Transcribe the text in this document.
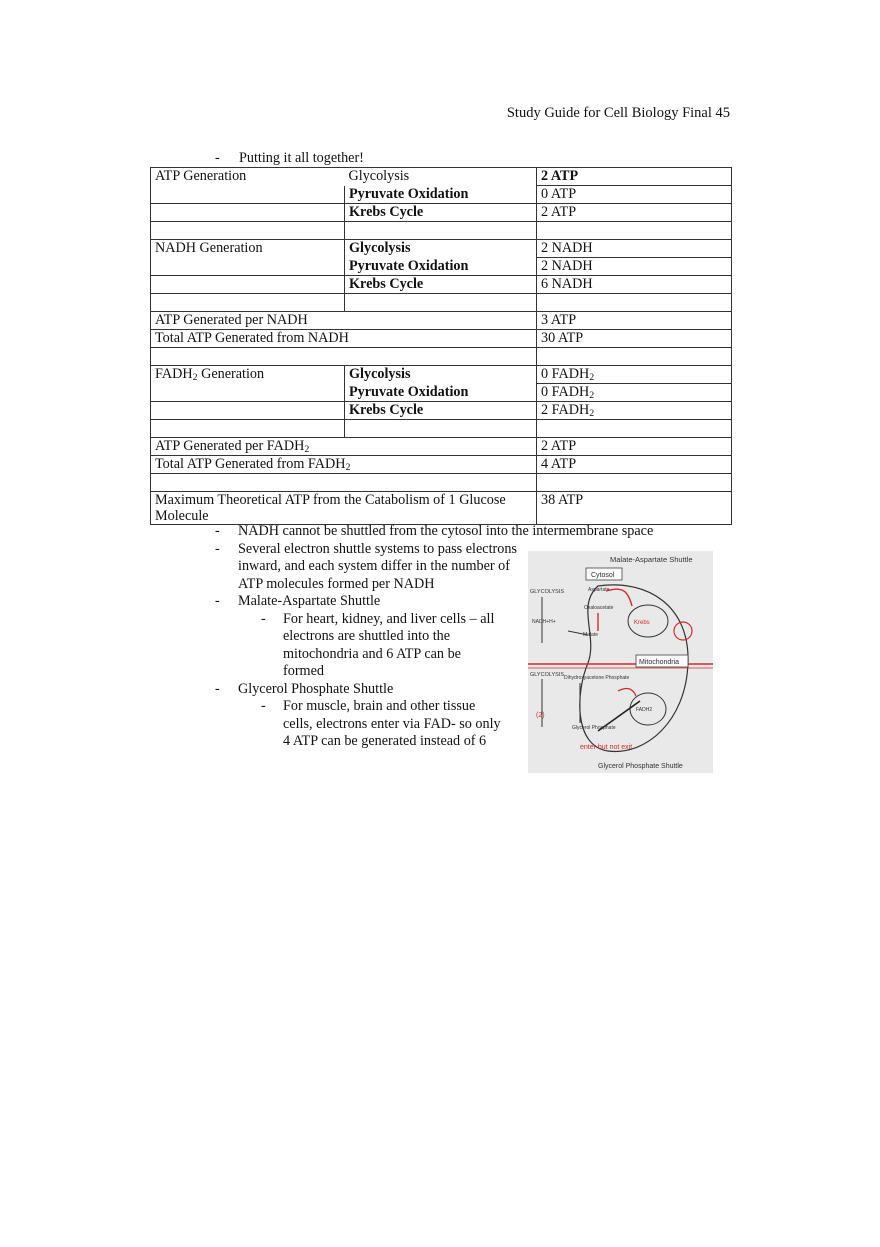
Study Guide for Cell Biology Final 45
- Putting it all together!
ATP Generation	Glycolysis	2 ATP
	Pyruvate Oxidation	0 ATP
	Krebs Cycle	2 ATP

NADH Generation	Glycolysis	2 NADH
	Pyruvate Oxidation	2 NADH
	Krebs Cycle	6 NADH

ATP Generated per NADH		3 ATP
Total ATP Generated from NADH		30 ATP

$FADH_2$ Generation	Glycolysis	0 $FADH_2$
	Pyruvate Oxidation	0 $FADH_2$
	Krebs Cycle	2 $FADH_2$

ATP Generated per $FADH_2$		2 ATP
Total ATP Generated from $FADH_2$		4 ATP

Maximum Theoretical ATP from the Catabolism of 1 Glucose Molecule		38 ATP
- NADH cannot be shuttled from the cytosol into the intermembrane space
- Several electron shuttle systems to pass electrons inward, and each system differ in the number of ATP molecules formed per NADH
- Malate-Aspartate Shuttle
- For heart, kidney, and liver cells – all electrons are shuttled into the mitochondria and 6 ATP can be formed
- Glycerol Phosphate Shuttle
- For muscle, brain and other tissue cells, electrons enter via FAD- so only 4 ATP can be generated instead of 6
Malate-Aspartate Shuttle
Cytosol
Mitochondria
GLYCOLYSIS	Aspartate
Oxaloacetate
Malate
Krebs
NADH+H+
GLYCOLYSIS Dihydroxyacetone Phosphate
Glycerol Phosphate
FADH2
(2)
enter but not exit
Glycerol Phosphate Shuttle
